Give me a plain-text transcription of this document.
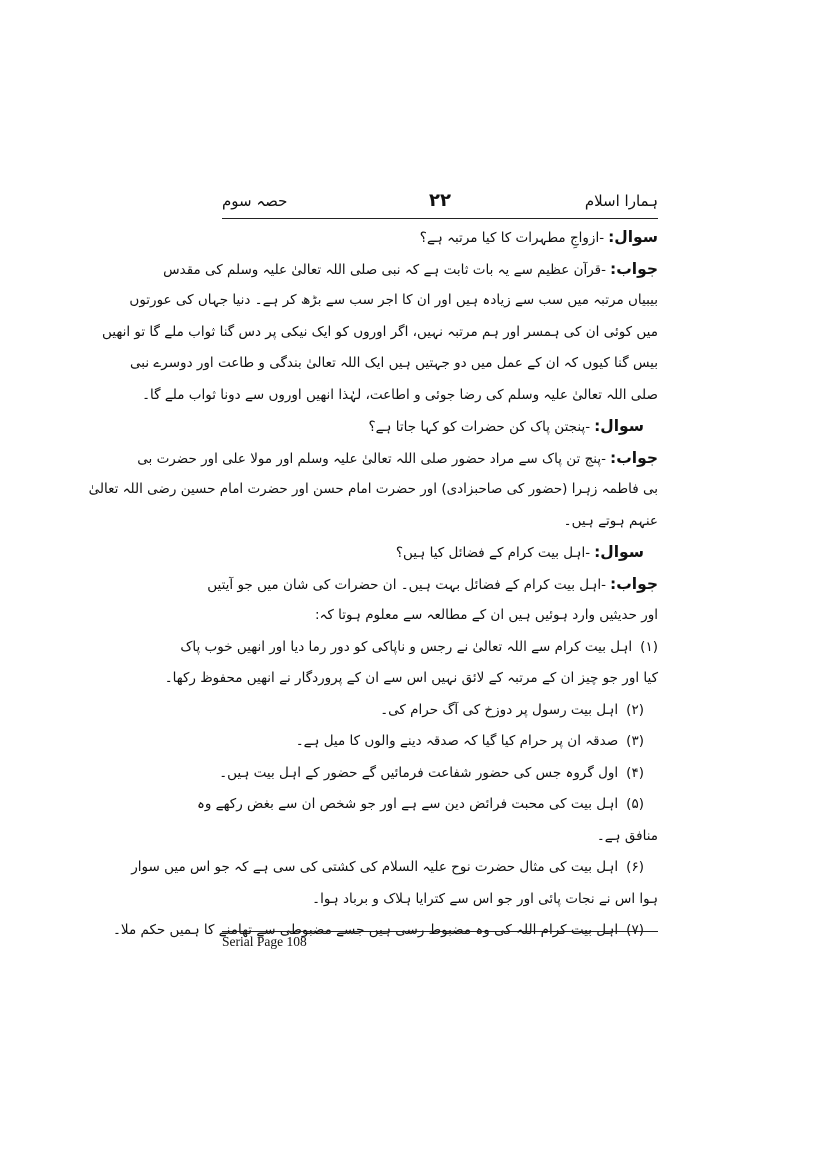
ہمارا اسلام
۲۲
حصہ سوم
سوال:-ازواجِ مطہرات کا کیا مرتبہ ہے؟
جواب:-قرآن عظیم سے یہ بات ثابت ہے کہ نبی صلی اللہ تعالیٰ علیہ وسلم کی مقدس
بیبیاں مرتبہ میں سب سے زیادہ ہیں اور ان کا اجر سب سے بڑھ کر ہے۔ دنیا جہاں کی عورتوں
میں کوئی ان کی ہمسر اور ہم مرتبہ نہیں، اگر اوروں کو ایک نیکی پر دس گنا ثواب ملے گا تو انھیں
بیس گنا کیوں کہ ان کے عمل میں دو جہتیں ہیں ایک اللہ تعالیٰ بندگی و طاعت اور دوسرے نبی
صلی اللہ تعالیٰ علیہ وسلم کی رضا جوئی و اطاعت، لہٰذا انھیں اوروں سے دونا ثواب ملے گا۔
سوال:-پنجتن پاک کن حضرات کو کہا جاتا ہے؟
جواب:-پنج تن پاک سے مراد حضور صلی اللہ تعالیٰ علیہ وسلم اور مولا علی اور حضرت بی
بی فاطمہ زہرا (حضور کی صاحبزادی) اور حضرت امام حسن اور حضرت امام حسین رضی اللہ تعالیٰ
عنہم ہوتے ہیں۔
سوال:-اہل بیت کرام کے فضائل کیا ہیں؟
جواب:-اہل بیت کرام کے فضائل بہت ہیں۔ ان حضرات کی شان میں جو آیتیں
اور حدیثیں وارد ہوئیں ہیں ان کے مطالعہ سے معلوم ہوتا کہ:
(۱)اہل بیت کرام سے اللہ تعالیٰ نے رجس و ناپاکی کو دور رما دیا اور انھیں خوب پاک
کیا اور جو چیز ان کے مرتبہ کے لائق نہیں اس سے ان کے پروردگار نے انھیں محفوظ رکھا۔
(۲)اہل بیت رسول پر دوزخ کی آگ حرام کی۔
(۳)صدقہ ان پر حرام کیا گیا کہ صدقہ دینے والوں کا میل ہے۔
(۴)اول گروہ جس کی حضور شفاعت فرمائیں گے حضور کے اہل بیت ہیں۔
(۵)اہل بیت کی محبت فرائض دین سے ہے اور جو شخص ان سے بغض رکھے وہ
منافق ہے۔
(۶)اہل بیت کی مثال حضرت نوح علیہ السلام کی کشتی کی سی ہے کہ جو اس میں سوار
ہوا اس نے نجات پائی اور جو اس سے کترایا ہلاک و برباد ہوا۔
(۷)اہل بیت کرام اللہ کی وہ مضبوط رسی ہیں جسے مضبوطی سے تھامنے کا ہمیں حکم ملا۔
Serial Page 108
